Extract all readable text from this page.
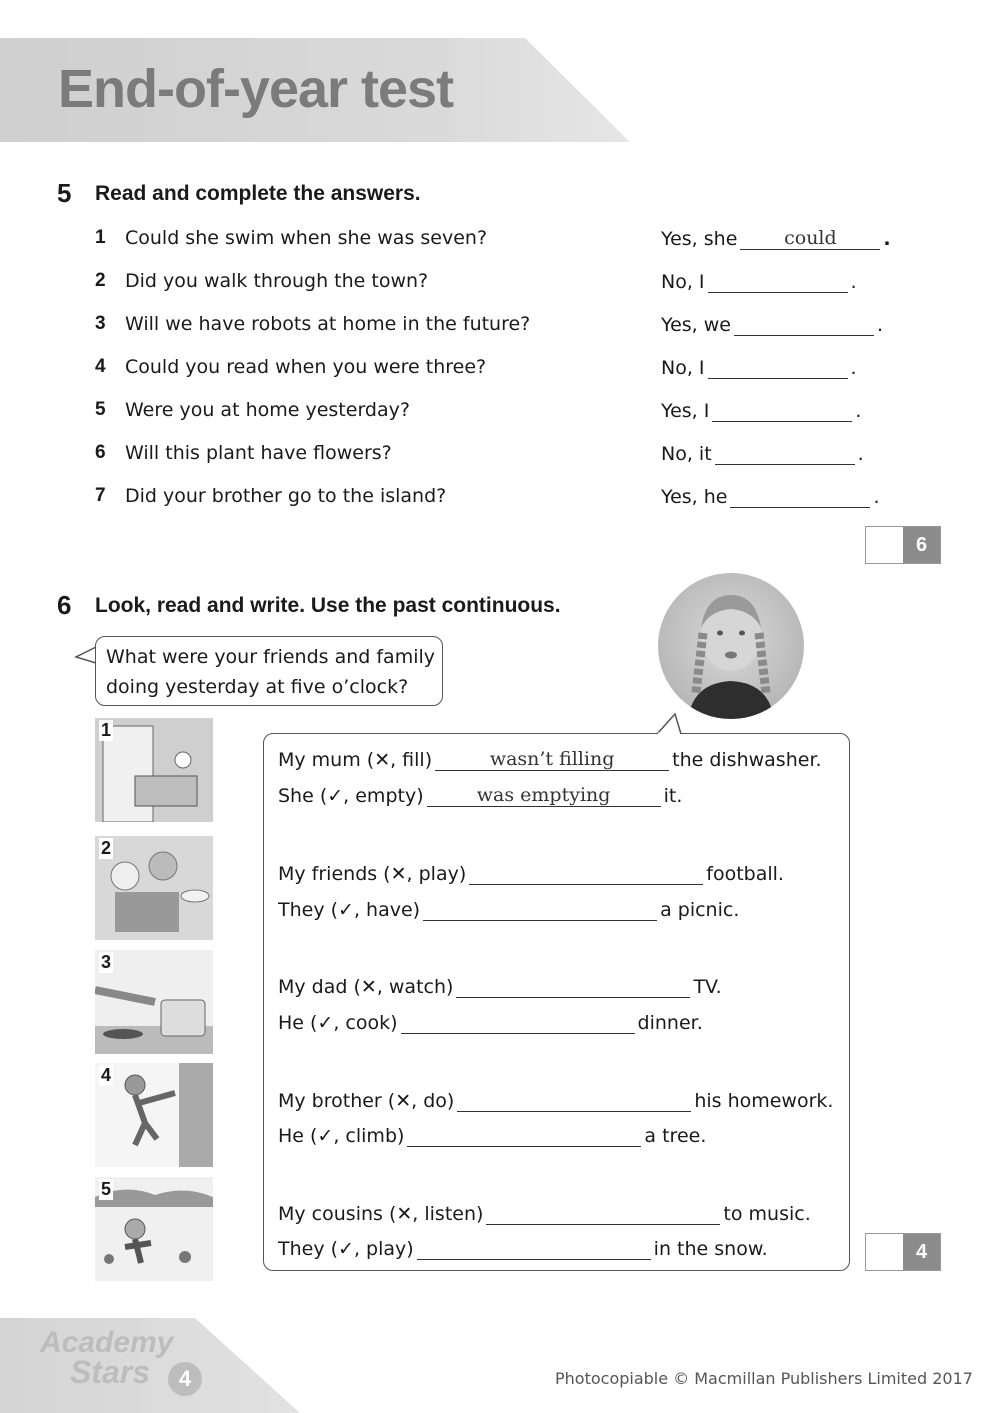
End-of-year test
5 Read and complete the answers.
1 Could she swim when she was seven?	Yes, she could .
2 Did you walk through the town?	No, I	.
3 Will we have robots at home in the future?	Yes, we	.
4 Could you read when you were three?	No, I	.
5 Were you at home yesterday?	Yes, I	.
6 Will this plant have flowers?	No, it	.
7 Did your brother go to the island?	Yes, he	.
6
6 Look, read and write. Use the past continuous.
What were your friends and family
doing yesterday at five o’clock?
1
2
3
4
5
My mum (✕, fill)	wasn’t filling	the dishwasher.
She (✓, empty)	was emptying	it.
My friends (✕, play)	football.
They (✓, have)	a picnic.
My dad (✕, watch)	TV.
He (✓, cook)	dinner.
My brother (✕, do)	his homework.
He (✓, climb)	a tree.
My cousins (✕, listen)	to music.
They (✓, play)	in the snow.	4
Academy
Stars	4	Photocopiable © Macmillan Publishers Limited 2017
